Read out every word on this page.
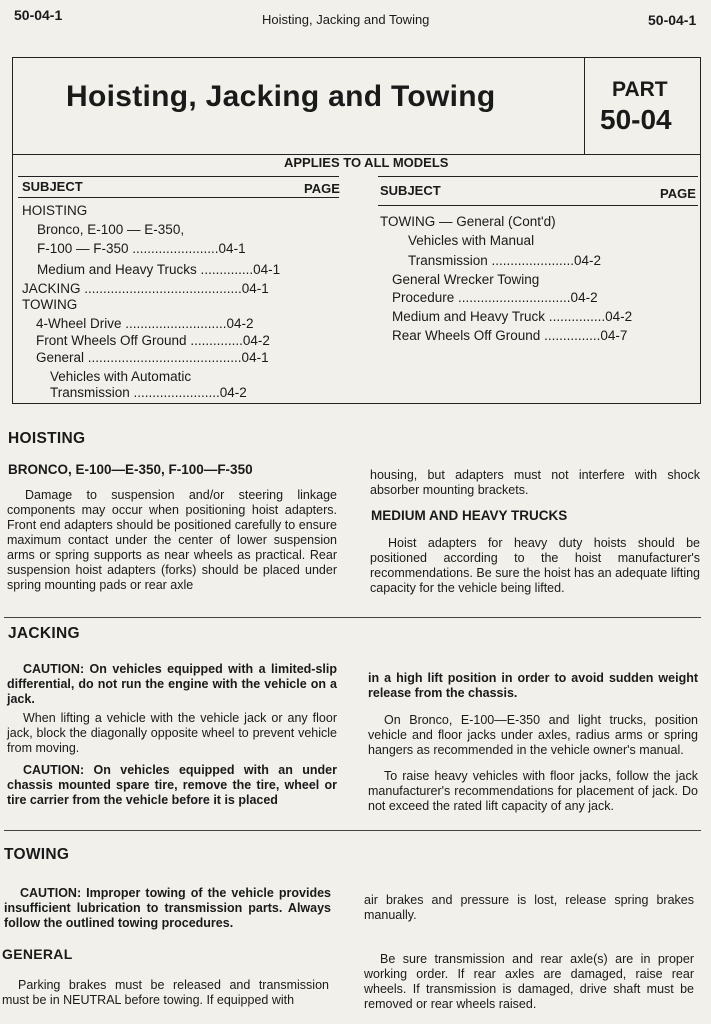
50-04-1	Hoisting, Jacking and Towing	50-04-1
Hoisting, Jacking and Towing	PART
50-04
APPLIES TO ALL MODELS
SUBJECT	PAGE	SUBJECT	PAGE
HOISTING
Bronco, E-100 — E-350,
F-100 — F-350 .......................04-1
Medium and Heavy Trucks ..............04-1
JACKING ..........................................04-1
TOWING
4-Wheel Drive ...........................04-2
Front Wheels Off Ground ..............04-2
General .........................................04-1
Vehicles with Automatic
Transmission .......................04-2
TOWING — General (Cont'd)
Vehicles with Manual
Transmission ......................04-2
General Wrecker Towing
Procedure ..............................04-2
Medium and Heavy Truck ...............04-2
Rear Wheels Off Ground ...............04-7
HOISTING
BRONCO, E-100—E-350, F-100—F-350
Damage to suspension and/or steering linkage components may occur when positioning hoist adapters. Front end adapters should be positioned carefully to ensure maximum contact under the center of lower suspension arms or spring supports as near wheels as practical. Rear suspension hoist adapters (forks) should be placed under spring mounting pads or rear axle
housing, but adapters must not interfere with shock absorber mounting brackets.
MEDIUM AND HEAVY TRUCKS
Hoist adapters for heavy duty hoists should be positioned according to the hoist manufacturer's recommendations. Be sure the hoist has an adequate lifting capacity for the vehicle being lifted.
JACKING
CAUTION: On vehicles equipped with a limited-slip differential, do not run the engine with the vehicle on a jack.
When lifting a vehicle with the vehicle jack or any floor jack, block the diagonally opposite wheel to prevent vehicle from moving.
CAUTION: On vehicles equipped with an under chassis mounted spare tire, remove the tire, wheel or tire carrier from the vehicle before it is placed
in a high lift position in order to avoid sudden weight release from the chassis.
On Bronco, E-100—E-350 and light trucks, position vehicle and floor jacks under axles, radius arms or spring hangers as recommended in the vehicle owner's manual.
To raise heavy vehicles with floor jacks, follow the jack manufacturer's recommendations for placement of jack. Do not exceed the rated lift capacity of any jack.
TOWING
CAUTION: Improper towing of the vehicle provides insufficient lubrication to transmission parts. Always follow the outlined towing procedures.
GENERAL
Parking brakes must be released and transmission must be in NEUTRAL before towing. If equipped with
air brakes and pressure is lost, release spring brakes manually.
Be sure transmission and rear axle(s) are in proper working order. If rear axles are damaged, raise rear wheels. If transmission is damaged, drive shaft must be removed or rear wheels raised.
